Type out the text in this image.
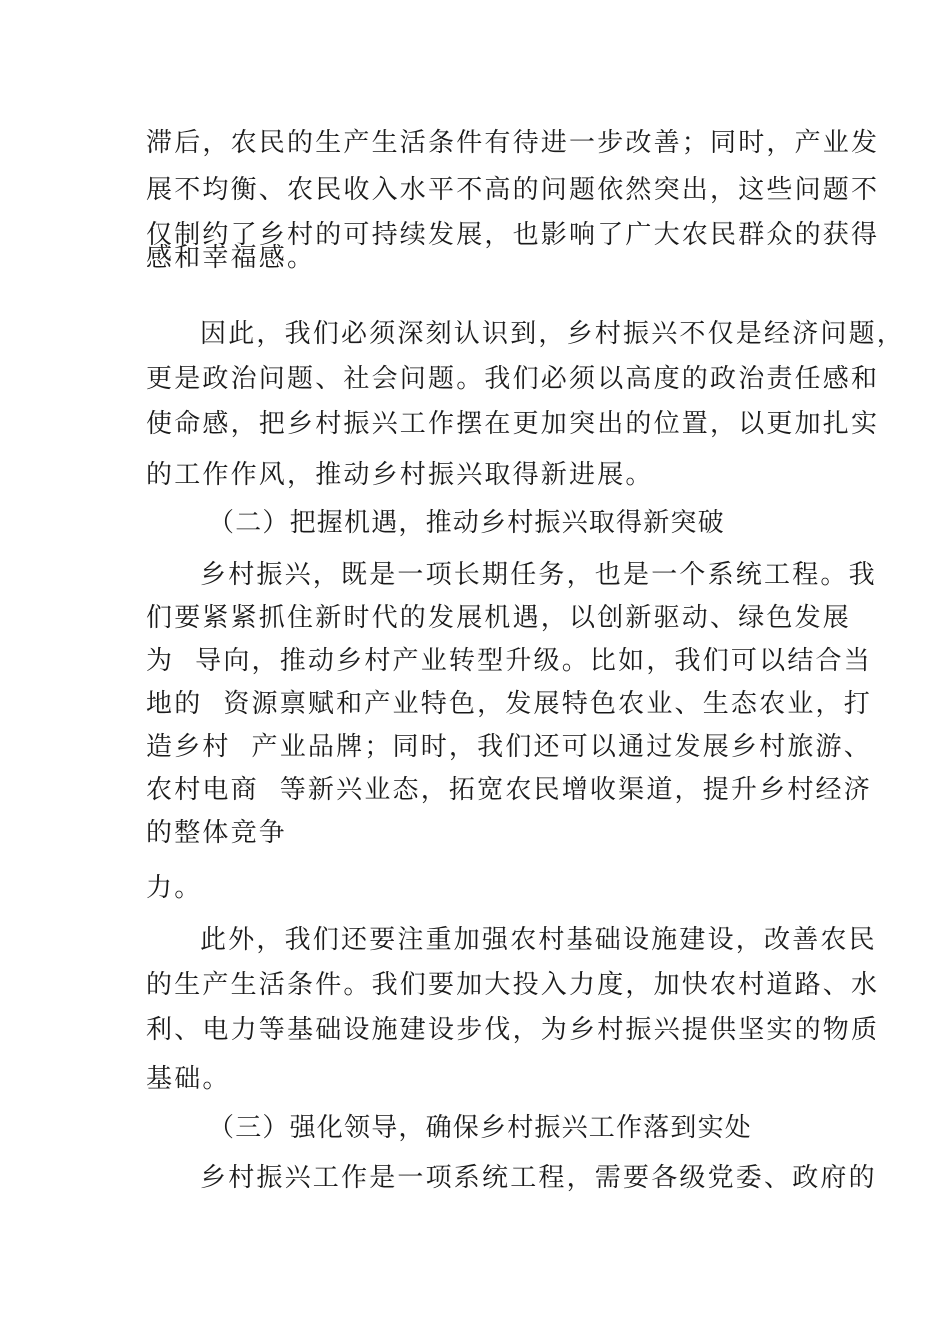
滞后，农民的生产生活条件有待进一步改善；同时，产业发
展不均衡、农民收入水平不高的问题依然突出，这些问题不
仅制约了乡村的可持续发展，也影响了广大农民群众的获得
感和幸福感。
因此，我们必须深刻认识到，乡村振兴不仅是经济问题，
更是政治问题、社会问题。我们必须以高度的政治责任感和
使命感，把乡村振兴工作摆在更加突出的位置，以更加扎实
的工作作风，推动乡村振兴取得新进展。
（二）把握机遇，推动乡村振兴取得新突破
乡村振兴，既是一项长期任务，也是一个系统工程。我
们要紧紧抓住新时代的发展机遇，以创新驱动、绿色发展
为  导向，推动乡村产业转型升级。比如，我们可以结合当
地的  资源禀赋和产业特色，发展特色农业、生态农业，打
造乡村  产业品牌；同时，我们还可以通过发展乡村旅游、
农村电商  等新兴业态，拓宽农民增收渠道，提升乡村经济
的整体竞争
力。
此外，我们还要注重加强农村基础设施建设，改善农民
的生产生活条件。我们要加大投入力度，加快农村道路、水
利、电力等基础设施建设步伐，为乡村振兴提供坚实的物质
基础。
（三）强化领导，确保乡村振兴工作落到实处
乡村振兴工作是一项系统工程，需要各级党委、政府的
